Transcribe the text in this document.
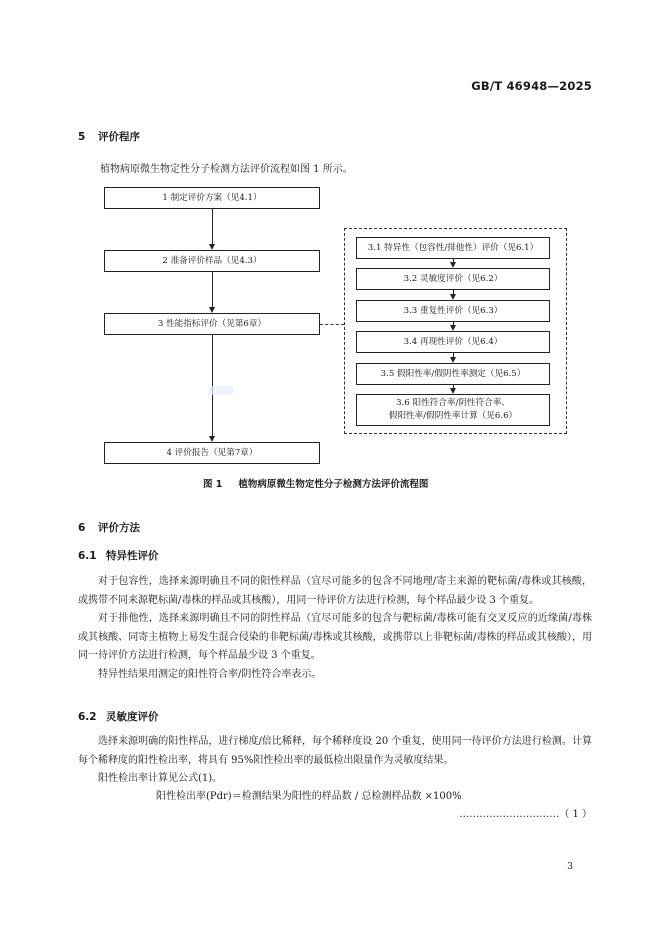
GB/T 46948—2025
5 评价程序
植物病原微生物定性分子检测方法评价流程如图 1 所示。
1 制定评价方案（见4.1）
2 准备评价样品（见4.3）
3 性能指标评价（见第6章）
4 评价报告（见第7章）
3.1 特异性（包容性/排他性）评价（见6.1）
3.2 灵敏度评价（见6.2）
3.3 重复性评价（见6.3）
3.4 再现性评价（见6.4）
3.5 假阳性率/假阴性率测定（见6.5）
3.6 阳性符合率/阴性符合率、
假阳性率/假阴性率计算（见6.6）
图 1 植物病原微生物定性分子检测方法评价流程图
6 评价方法
6.1 特异性评价

对于包容性，选择来源明确且不同的阳性样品（宜尽可能多的包含不同地理/寄主来源的靶标菌/毒株或其核酸，或携带不同来源靶标菌/毒株的样品或其核酸），用同一待评价方法进行检测，每个样品最少设 3 个重复。

对于排他性，选择来源明确且不同的阴性样品（宜尽可能多的包含与靶标菌/毒株可能有交叉反应的近缘菌/毒株或其核酸、同寄主植物上易发生混合侵染的非靶标菌/毒株或其核酸，或携带以上非靶标菌/毒株的样品或其核酸），用同一待评价方法进行检测，每个样品最少设 3 个重复。

特异性结果用测定的阳性符合率/阴性符合率表示。

6.2 灵敏度评价

选择来源明确的阳性样品，进行梯度/倍比稀释，每个稀释度设 20 个重复，使用同一待评价方法进行检测。计算每个稀释度的阳性检出率，将具有 95%阳性检出率的最低检出限量作为灵敏度结果。

阳性检出率计算见公式(1)。

阳性检出率(Pdr)＝检测结果为阳性的样品数 / 总检测样品数 ×100%
…………………………（ 1 ）
3
